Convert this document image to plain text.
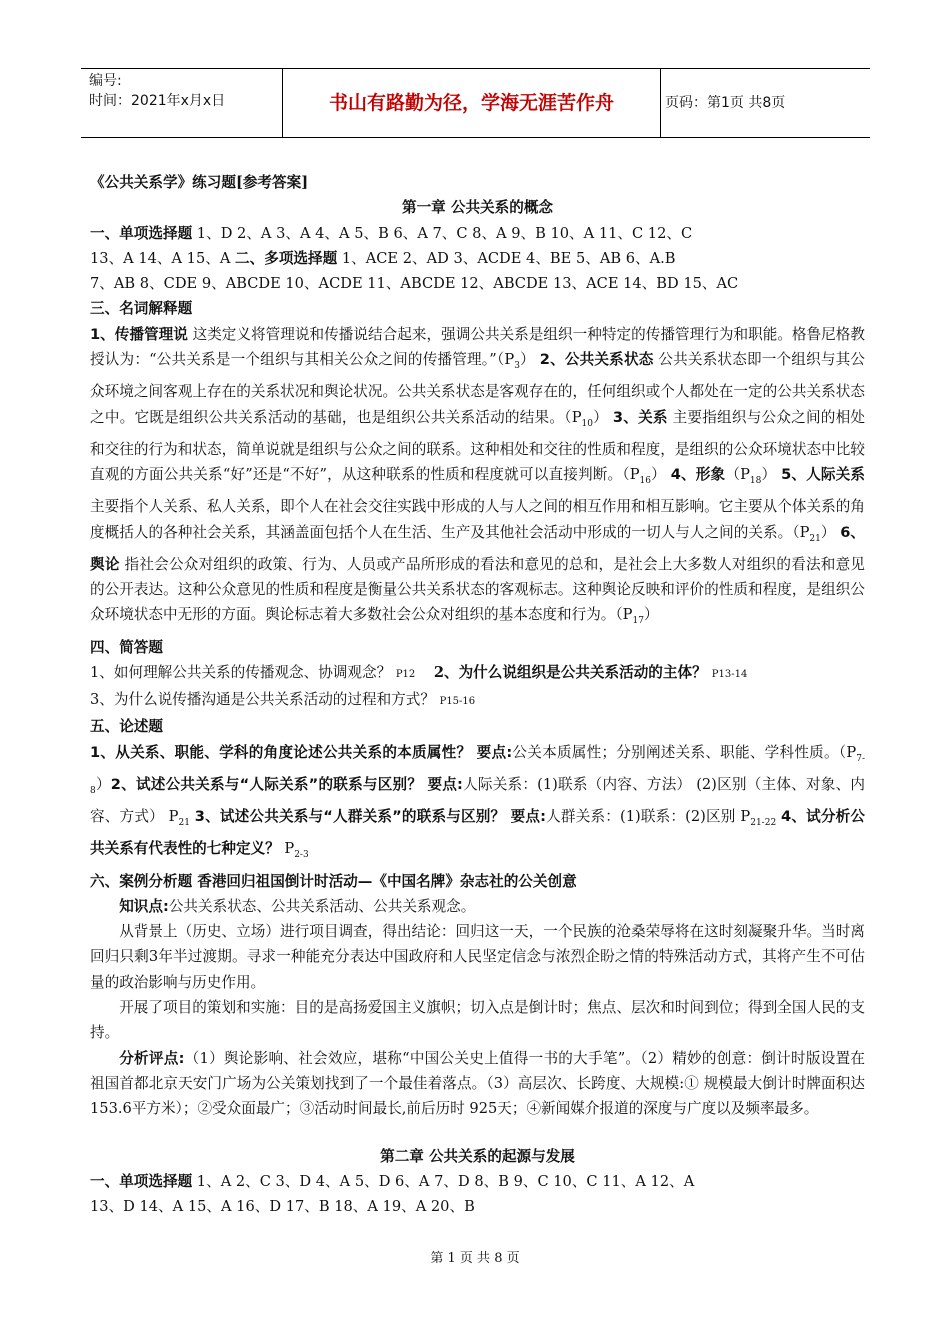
编号:
时间：2021年x月x日	书山有路勤为径，学海无涯苦作舟	页码：第1页 共8页

《公共关系学》练习题[参考答案]

第一章 公共关系的概念

一、单项选择题 1、D 2、A 3、A 4、A 5、B 6、A 7、C 8、A 9、B 10、A 11、C 12、C

13、A 14、A 15、A 二、多项选择题 1、ACE 2、AD 3、ACDE 4、BE 5、AB 6、A.B

7、AB 8、CDE 9、ABCDE 10、ACDE 11、ABCDE 12、ABCDE 13、ACE 14、BD 15、AC

三、名词解释题

1、传播管理说 这类定义将管理说和传播说结合起来，强调公共关系是组织一种特定的传播管理行为和职能。格鲁尼格教授认为：“公共关系是一个组织与其相关公众之间的传播管理。$”(P_3)$ 2、公共关系状态 公共关系状态即一个组织与其公众环境之间客观上存在的关系状况和舆论状况。公共关系状态是客观存在的，任何组织或个人都处在一定的公共关系状态之中。它既是组织公共关系活动的基础，也是组织公共关系活动的结果。$(P_{10})$ 3、关系 主要指组织与公众之间的相处和交往的行为和状态，简单说就是组织与公众之间的联系。这种相处和交往的性质和程度，是组织的公众环境状态中比较直观的方面公共关系“好”还是“不好”，从这种联系的性质和程度就可以直接判断。$(P_{16})$ 4、形象$(P_{18})$ 5、人际关系 主要指个人关系、私人关系，即个人在社会交往实践中形成的人与人之间的相互作用和相互影响。它主要从个体关系的角度概括人的各种社会关系，其涵盖面包括个人在生活、生产及其他社会活动中形成的一切人与人之间的关系。$(P_{21})$ 6、舆论 指社会公众对组织的政策、行为、人员或产品所形成的看法和意见的总和，是社会上大多数人对组织的看法和意见的公开表达。这种公众意见的性质和程度是衡量公共关系状态的客观标志。这种舆论反映和评价的性质和程度，是组织公众环境状态中无形的方面。舆论标志着大多数社会公众对组织的基本态度和行为。$(P_{17})$

四、简答题

1、如何理解公共关系的传播观念、协调观念？ P12 2、为什么说组织是公共关系活动的主体？ P13-14

3、为什么说传播沟通是公共关系活动的过程和方式？ P15-16

五、论述题

1、从关系、职能、学科的角度论述公共关系的本质属性？ 要点:公关本质属性；分别阐述关系、职能、学科性质。$(P_{7-8})2$、试述公共关系与“人际关系”的联系与区别？ 要点:人际关系：(1)联系（内容、方法） (2)区别（主体、对象、内容、方式） $P_{21}$ 3、试述公共关系与“人群关系”的联系与区别？ 要点:人群关系：(1)联系：(2)区别 $P_{21-22}$ 4、试分析公共关系有代表性的七种定义？ $P_{2-3}$

六、案例分析题 香港回归祖国倒计时活动—《中国名牌》杂志社的公关创意

知识点:公共关系状态、公共关系活动、公共关系观念。

从背景上（历史、立场）进行项目调查，得出结论：回归这一天，一个民族的沧桑荣辱将在这时刻凝聚升华。当时离回归只剩3年半过渡期。寻求一种能充分表达中国政府和人民坚定信念与浓烈企盼之情的特殊活动方式，其将产生不可估量的政治影响与历史作用。

开展了项目的策划和实施：目的是高扬爱国主义旗帜；切入点是倒计时；焦点、层次和时间到位；得到全国人民的支持。

分析评点:（1）舆论影响、社会效应，堪称“中国公关史上值得一书的大手笔”。（2）精妙的创意：倒计时版设置在祖国首都北京天安门广场为公关策划找到了一个最佳着落点。（3）高层次、长跨度、大规模:① 规模最大倒计时牌面积达153.6平方米）；②受众面最广；③活动时间最长,前后历时 925天；④新闻媒介报道的深度与广度以及频率最多。

第二章 公共关系的起源与发展

一、单项选择题 1、A 2、C 3、D 4、A 5、D 6、A 7、D 8、B 9、C 10、C 11、A 12、A

13、D 14、A 15、A 16、D 17、B 18、A 19、A 20、B

第 1 页 共 8 页
